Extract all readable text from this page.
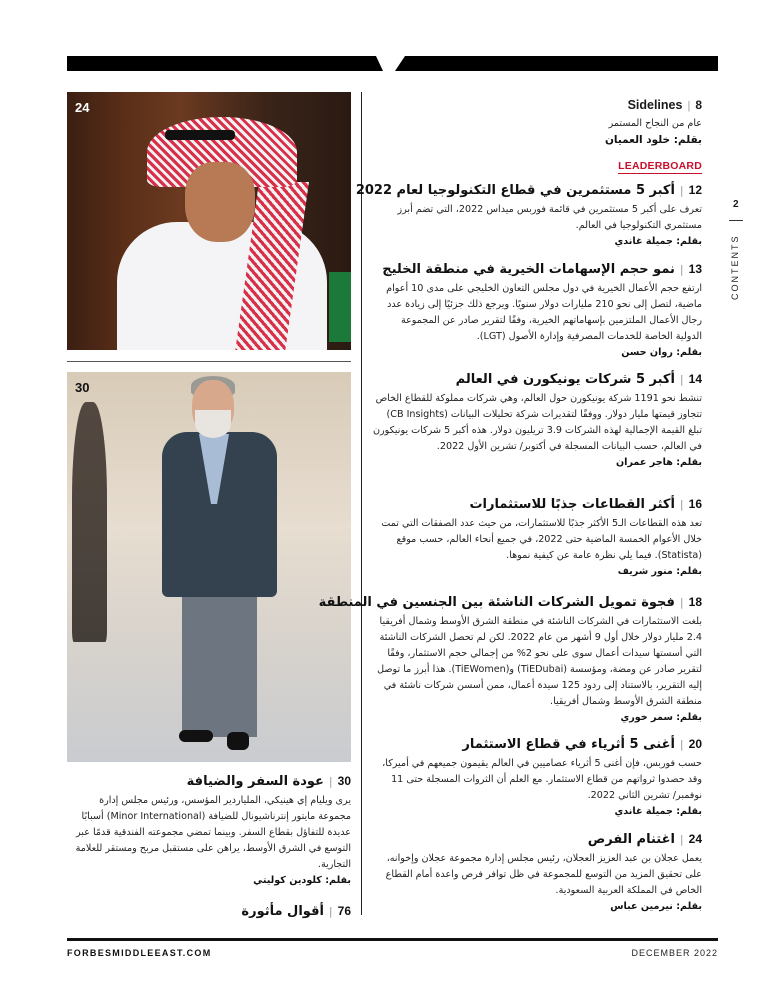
24
30
2
CONTENTS
Sidelines | 8
عام من النجاح المستمر
بقلم: خلود العميان
LEADERBOARD
12|أكبر 5 مستثمرين في قطاع التكنولوجيا لعام 2022
تعرف على أكبر 5 مستثمرين في قائمة فوربس ميداس 2022، التي تضم أبرز مستثمري التكنولوجيا في العالم.
بقلم: جميلة غاندي
13|نمو حجم الإسهامات الخيرية في منطقة الخليج
ارتفع حجم الأعمال الخيرية في دول مجلس التعاون الخليجي على مدى 10 أعوام ماضية، لتصل إلى نحو 210 مليارات دولار سنويًا. ويرجع ذلك جزئيًا إلى زيادة عدد رجال الأعمال الملتزمين بإسهاماتهم الخيرية، وفقًا لتقرير صادر عن المجموعة الدولية الخاصة للخدمات المصرفية وإدارة الأصول (LGT).
بقلم: روان حسن
14|أكبر 5 شركات يونيكورن في العالم
تنشط نحو 1191 شركة يونيكورن حول العالم، وهي شركات مملوكة للقطاع الخاص تتجاوز قيمتها مليار دولار. ووفقًا لتقديرات شركة تحليلات البيانات (CB Insights) تبلغ القيمة الإجمالية لهذه الشركات 3.9 تريليون دولار. هذه أكبر 5 شركات يونيكورن في العالم، حسب البيانات المسجلة في أكتوبر/ تشرين الأول 2022.
بقلم: هاجر عمران
16|أكثر القطاعات جذبًا للاستثمارات
تعد هذه القطاعات الـ5 الأكثر جذبًا للاستثمارات، من حيث عدد الصفقات التي تمت خلال الأعوام الخمسة الماضية حتى 2022، في جميع أنحاء العالم، حسب موقع (Statista). فيما يلي نظرة عامة عن كيفية نموها.
بقلم: منور شريف
18|فجوة تمويل الشركات الناشئة بين الجنسين في المنطقة
بلغت الاستثمارات في الشركات الناشئة في منطقة الشرق الأوسط وشمال أفريقيا 2.4 مليار دولار خلال أول 9 أشهر من عام 2022. لكن لم تحصل الشركات الناشئة التي أسستها سيدات أعمال سوى على نحو 2% من إجمالي حجم الاستثمار، وفقًا لتقرير صادر عن ومضة، ومؤسسة (TiEDubai) و(TiEWomen). هذا أبرز ما توصل إليه التقرير، بالاستناد إلى ردود 125 سيدة أعمال، ممن أسسن شركات ناشئة في منطقة الشرق الأوسط وشمال أفريقيا.
بقلم: سمر خوري
20|أغنى 5 أثرياء في قطاع الاستثمار
حسب فوربس، فإن أغنى 5 أثرياء عصاميين في العالم يقيمون جميعهم في أميركا، وقد حصدوا ثرواتهم من قطاع الاستثمار. مع العلم أن الثروات المسجلة حتى 11 نوفمبر/ تشرين الثاني 2022.
بقلم: جميلة غاندي
24|اغتنام الفرص
يعمل عجلان بن عبد العزيز العجلان، رئيس مجلس إدارة مجموعة عجلان وإخوانه، على تحقيق المزيد من التوسع للمجموعة في ظل توافر فرص واعدة أمام القطاع الخاص في المملكة العربية السعودية.
بقلم: نيرمين عباس
30|عودة السفر والضيافة
يرى ويليام إي هينيكي، الملياردير المؤسس، ورئيس مجلس إدارة مجموعة مايتور إنترناشيونال للضيافة (Minor International) أسبابًا عديدة للتفاؤل بقطاع السفر. وبينما تمضي مجموعته الفندقية قدمًا عبر التوسع في الشرق الأوسط، يراهن على مستقبل مربح ومستقر للعلامة التجارية.
بقلم: كلودين كوليتي
76|أقوال مأثورة
FORBESMIDDLEEAST.COM	DECEMBER 2022
